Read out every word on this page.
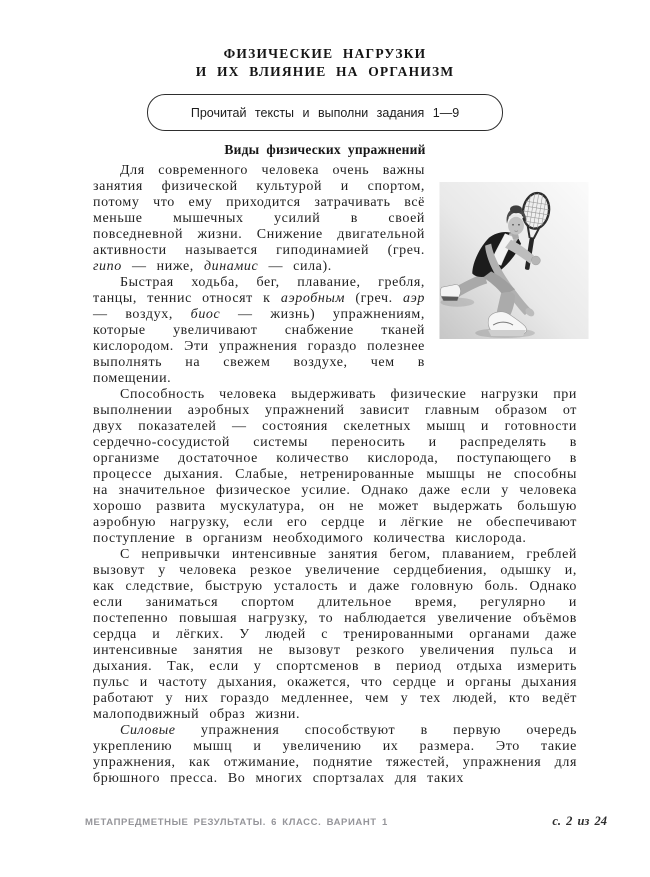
ФИЗИЧЕСКИЕ НАГРУЗКИ
И ИХ ВЛИЯНИЕ НА ОРГАНИЗМ
Прочитай тексты и выполни задания 1—9
Виды физических упражнений

Для современного человека очень важны занятия физической культурой и спортом, потому что ему приходится затрачивать всё меньше мышечных усилий в своей повседневной жизни. Снижение двигательной активности называется гиподинамией (греч. гипо — ниже, динамис — сила).

Быстрая ходьба, бег, плавание, гребля, танцы, теннис относят к аэробным (греч. аэр — воздух, биос — жизнь) упражнениям, которые увеличивают снабжение тканей кислородом. Эти упражнения гораздо полезнее выполнять на свежем воздухе, чем в помещении.

Способность человека выдерживать физические нагрузки при выполнении аэробных упражнений зависит главным образом от двух показателей — состояния скелетных мышц и готовности сердечно-сосудистой системы переносить и распределять в организме достаточное количество кислорода, поступающего в процессе дыхания. Слабые, нетренированные мышцы не способны на значительное физическое усилие. Однако даже если у человека хорошо развита мускулатура, он не может выдержать большую аэробную нагрузку, если его сердце и лёгкие не обеспечивают поступление в организм необходимого количества кислорода.

С непривычки интенсивные занятия бегом, плаванием, греблей вызовут у человека резкое увеличение сердцебиения, одышку и, как следствие, быструю усталость и даже головную боль. Однако если заниматься спортом длительное время, регулярно и постепенно повышая нагрузку, то наблюдается увеличение объёмов сердца и лёгких. У людей с тренированными органами даже интенсивные занятия не вызовут резкого увеличения пульса и дыхания. Так, если у спортсменов в период отдыха измерить пульс и частоту дыхания, окажется, что сердце и органы дыхания работают у них гораздо медленнее, чем у тех людей, кто ведёт малоподвижный образ жизни.

Силовые упражнения способствуют в первую очередь укреплению мышц и увеличению их размера. Это такие упражнения, как отжимание, поднятие тяжестей, упражнения для брюшного пресса. Во многих спортзалах для таких

МЕТАПРЕДМЕТНЫЕ РЕЗУЛЬТАТЫ. 6 КЛАСС. ВАРИАНТ 1	с. 2 из 24
